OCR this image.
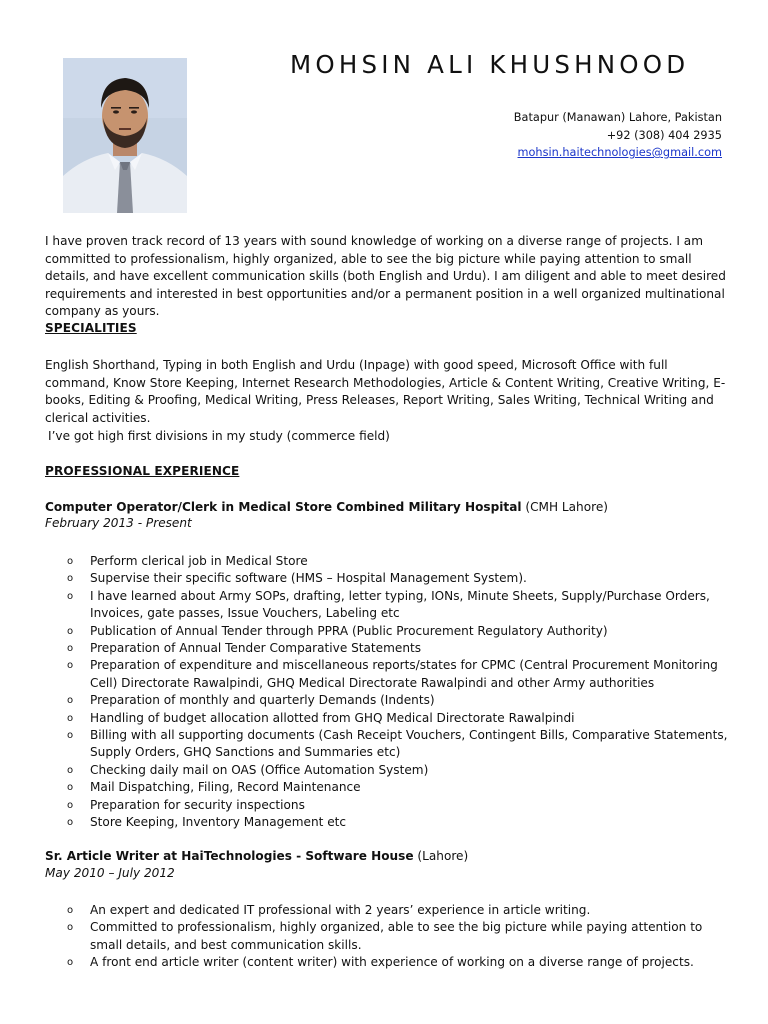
MOHSIN ALI KHUSHNOOD
Batapur (Manawan) Lahore, Pakistan
+92 (308) 404 2935
mohsin.haitechnologies@gmail.com
I have proven track record of 13 years with sound knowledge of working on a diverse range of projects. I am committed to professionalism, highly organized, able to see the big picture while paying attention to small details, and have excellent communication skills (both English and Urdu). I am diligent and able to meet desired requirements and interested in best opportunities and/or a permanent position in a well organized multinational company as yours.
SPECIALITIES
English Shorthand, Typing in both English and Urdu (Inpage) with good speed, Microsoft Office with full command, Know Store Keeping, Internet Research Methodologies, Article & Content Writing, Creative Writing, E-books, Editing & Proofing, Medical Writing, Press Releases, Report Writing, Sales Writing, Technical Writing and clerical activities.
I’ve got high first divisions in my study (commerce field)
PROFESSIONAL EXPERIENCE
Computer Operator/Clerk in Medical Store Combined Military Hospital (CMH Lahore)
February 2013 - Present
o Perform clerical job in Medical Store
o Supervise their specific software (HMS – Hospital Management System).
o I have learned about Army SOPs, drafting, letter typing, IONs, Minute Sheets, Supply/Purchase Orders, Invoices, gate passes, Issue Vouchers, Labeling etc
o Publication of Annual Tender through PPRA (Public Procurement Regulatory Authority)
o Preparation of Annual Tender Comparative Statements
o Preparation of expenditure and miscellaneous reports/states for CPMC (Central Procurement Monitoring Cell) Directorate Rawalpindi, GHQ Medical Directorate Rawalpindi and other Army authorities
o Preparation of monthly and quarterly Demands (Indents)
o Handling of budget allocation allotted from GHQ Medical Directorate Rawalpindi
o Billing with all supporting documents (Cash Receipt Vouchers, Contingent Bills, Comparative Statements, Supply Orders, GHQ Sanctions and Summaries etc)
o Checking daily mail on OAS (Office Automation System)
o Mail Dispatching, Filing, Record Maintenance
o Preparation for security inspections
o Store Keeping, Inventory Management etc
Sr. Article Writer at HaiTechnologies - Software House (Lahore)
May 2010 – July 2012
o An expert and dedicated IT professional with 2 years’ experience in article writing.
o Committed to professionalism, highly organized, able to see the big picture while paying attention to small details, and best communication skills.
o A front end article writer (content writer) with experience of working on a diverse range of projects.
